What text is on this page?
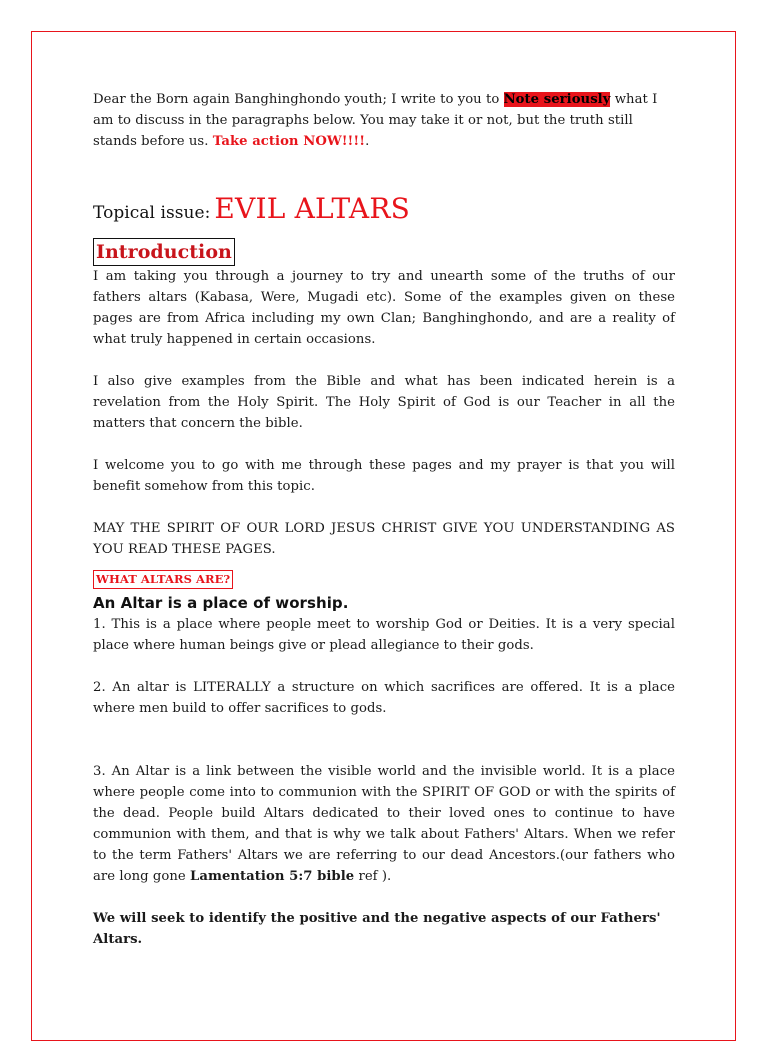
Dear the Born again Banghinghondo youth; I write to you to Note seriously what I am to discuss in the paragraphs below. You may take it or not, but the truth still stands before us. Take action NOW!!!!.

Topical issue: EVIL ALTARS
Introduction

I am taking you through a journey to try and unearth some of the truths of our fathers altars (Kabasa, Were, Mugadi etc). Some of the examples given on these pages are from Africa including my own Clan; Banghinghondo, and are a reality of what truly happened in certain occasions.

I also give examples from the Bible and what has been indicated herein is a revelation from the Holy Spirit. The Holy Spirit of God is our Teacher in all the matters that concern the bible.

I welcome you to go with me through these pages and my prayer is that you will benefit somehow from this topic.

MAY THE SPIRIT OF OUR LORD JESUS CHRIST GIVE YOU UNDERSTANDING AS YOU READ THESE PAGES.

WHAT ALTARS ARE?
An Altar is a place of worship.

1. This is a place where people meet to worship God or Deities. It is a very special place where human beings give or plead allegiance to their gods.

2. An altar is LITERALLY a structure on which sacrifices are offered. It is a place where men build to offer sacrifices to gods.

3. An Altar is a link between the visible world and the invisible world. It is a place where people come into to communion with the SPIRIT OF GOD or with the spirits of the dead. People build Altars dedicated to their loved ones to continue to have communion with them, and that is why we talk about Fathers' Altars. When we refer to the term Fathers' Altars we are referring to our dead Ancestors.(our fathers who are long gone Lamentation 5:7 bible ref ).

We will seek to identify the positive and the negative aspects of our Fathers' Altars.
